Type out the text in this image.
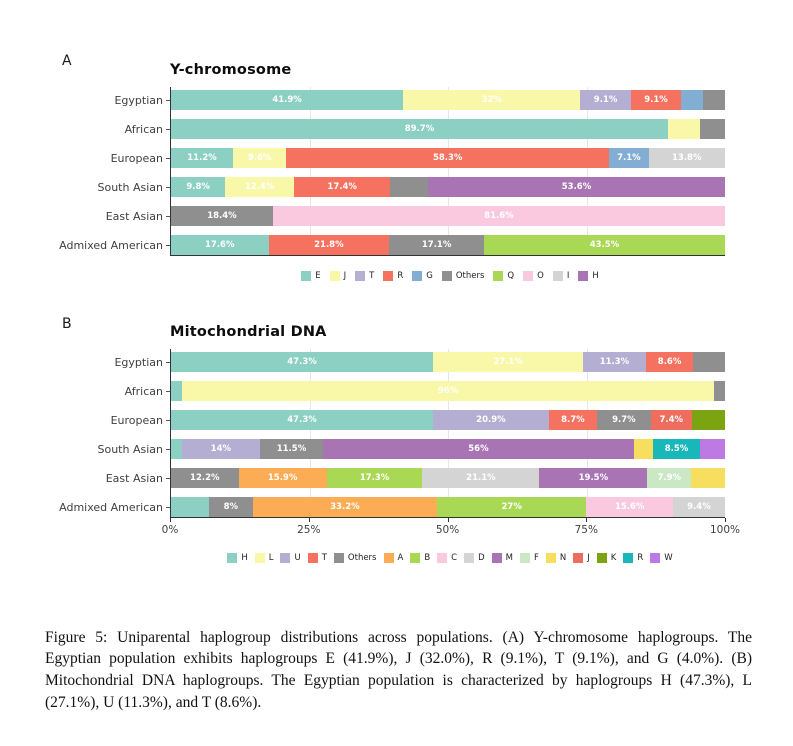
A
Y-chromosome
Egyptian
African
European
South Asian
East Asian
Admixed American
41.9%	32%	9.1%	9.1%
89.7%
11.2%	9.6%	58.3%	7.1%	13.8%
9.8%	12.4%	17.4%	53.6%
18.4%	81.6%
17.6%	21.8%	17.1%	43.5%
E	J	T	R	G	Others	Q	O	I	H
B	Mitochondrial DNA
Egyptian
African
European
South Asian
East Asian
Admixed American
47.3%	27.1%	11.3%	8.6%
96%
47.3%	20.9%	8.7%	9.7%	7.4%
14%	11.5%	56%	8.5%
12.2%	15.9%	17.3%	21.1%	19.5%	7.9%
8%	33.2%	27%	15.6%	9.4%
0%	25%	50%	75%	100%
H L U T Others A B C D M F N J K R W

Figure 5: Uniparental haplogroup distributions across populations. (A) Y-chromosome haplogroups. The Egyptian population exhibits haplogroups E (41.9%), J (32.0%), R (9.1%), T (9.1%), and G (4.0%). (B) Mitochondrial DNA haplogroups. The Egyptian population is characterized by haplogroups H (47.3%), L (27.1%), U (11.3%), and T (8.6%).
